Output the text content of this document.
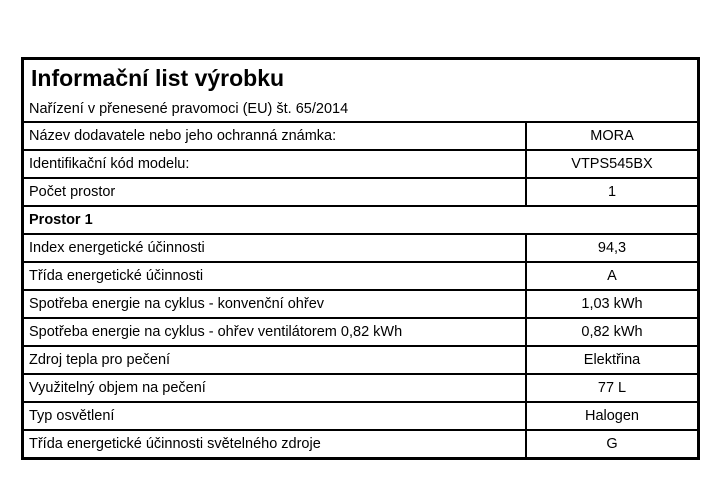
Informační list výrobku
Nařízení v přenesené pravomoci (EU) št. 65/2014
Název dodavatele nebo jeho ochranná známka:	MORA
Identifikační kód modelu:	VTPS545BX
Počet prostor	1
Prostor 1
Index energetické účinnosti	94,3
Třída energetické účinnosti	A
Spotřeba energie na cyklus - konvenční ohřev	1,03 kWh
Spotřeba energie na cyklus - ohřev ventilátorem 0,82 kWh	0,82 kWh
Zdroj tepla pro pečení	Elektřina
Využitelný objem na pečení	77 L
Typ osvětlení	Halogen
Třída energetické účinnosti světelného zdroje	G
